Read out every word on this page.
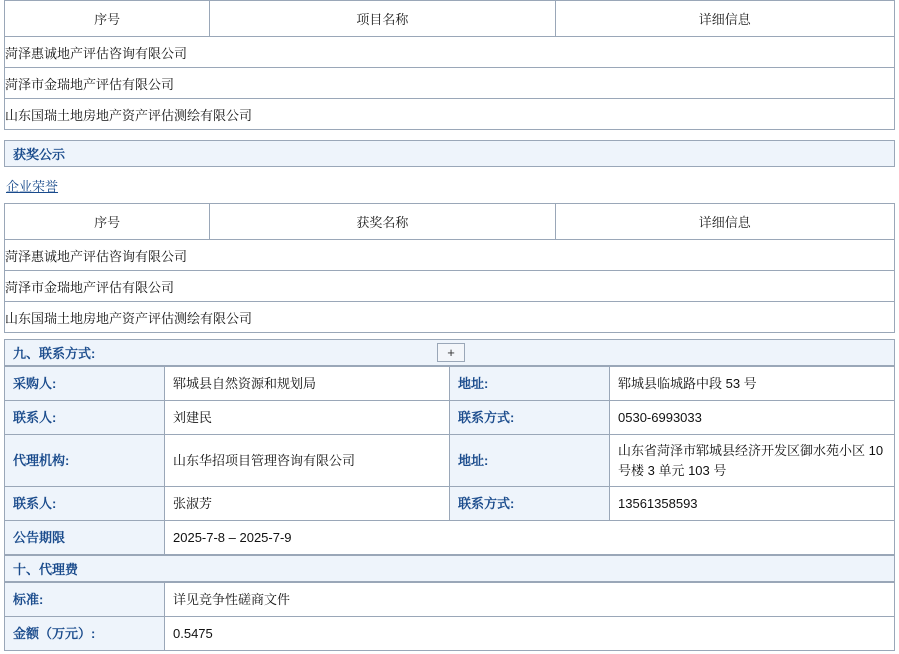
序号	项目名称	详细信息
菏泽惠诚地产评估咨询有限公司
菏泽市金瑞地产评估有限公司
山东国瑞土地房地产资产评估测绘有限公司
获奖公示
企业荣誉
序号	获奖名称	详细信息
菏泽惠诚地产评估咨询有限公司
菏泽市金瑞地产评估有限公司
山东国瑞土地房地产资产评估测绘有限公司
九、联系方式:	+
采购人:	郓城县自然资源和规划局	地址:	郓城县临城路中段 53 号
联系人:	刘建民	联系方式:	0530-6993033
代理机构:	山东华招项目管理咨询有限公司	地址:	山东省菏泽市郓城县经济开发区御水苑小区 10 号楼 3 单元 103 号
联系人:	张淑芳	联系方式:	13561358593
公告期限	2025-7-8 – 2025-7-9		
十、代理费
标准:	详见竞争性磋商文件
金额（万元）:	0.5475
